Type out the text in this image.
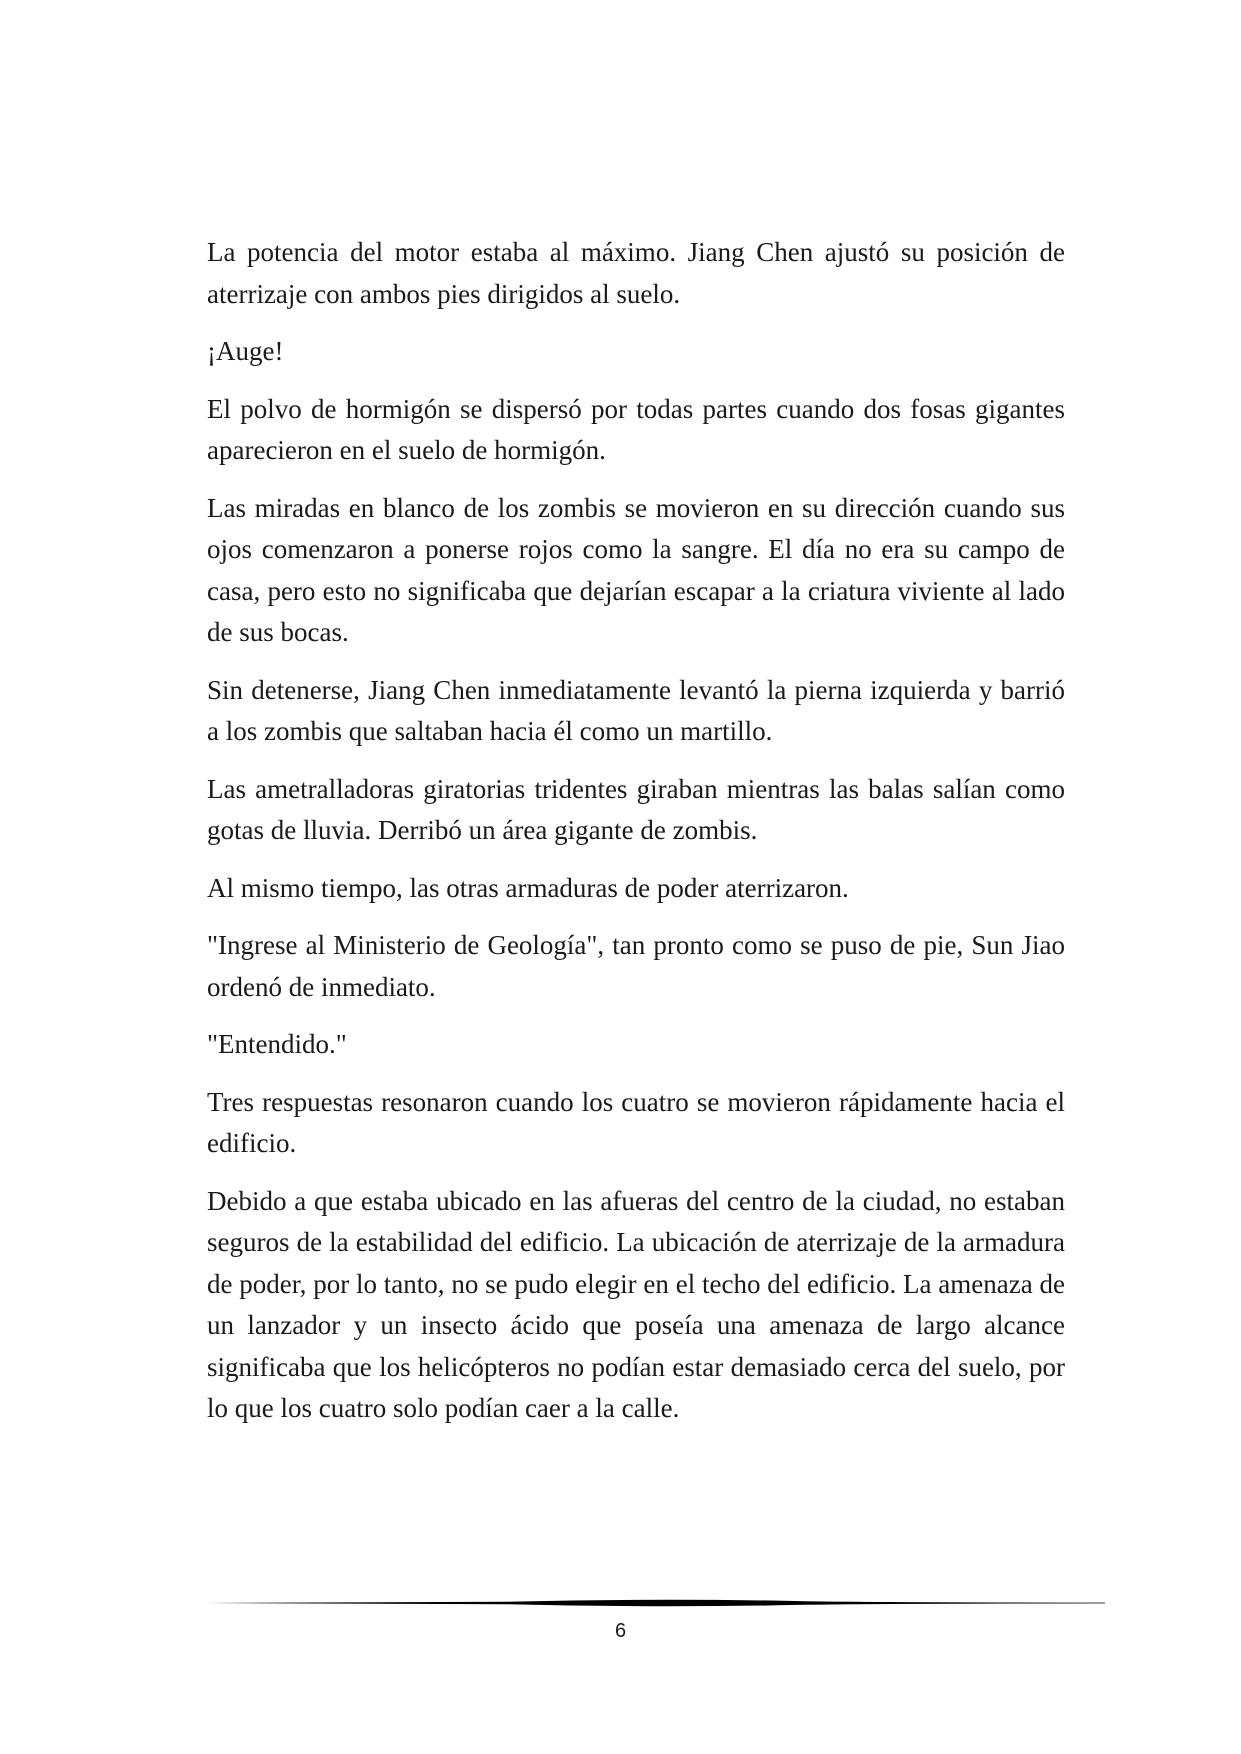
La potencia del motor estaba al máximo. Jiang Chen ajustó su posición de aterrizaje con ambos pies dirigidos al suelo.

¡Auge!

El polvo de hormigón se dispersó por todas partes cuando dos fosas gigantes aparecieron en el suelo de hormigón.

Las miradas en blanco de los zombis se movieron en su dirección cuando sus ojos comenzaron a ponerse rojos como la sangre. El día no era su campo de casa, pero esto no significaba que dejarían escapar a la criatura viviente al lado de sus bocas.

Sin detenerse, Jiang Chen inmediatamente levantó la pierna izquierda y barrió a los zombis que saltaban hacia él como un martillo.

Las ametralladoras giratorias tridentes giraban mientras las balas salían como gotas de lluvia. Derribó un área gigante de zombis.

Al mismo tiempo, las otras armaduras de poder aterrizaron.

"Ingrese al Ministerio de Geología", tan pronto como se puso de pie, Sun Jiao ordenó de inmediato.

"Entendido."

Tres respuestas resonaron cuando los cuatro se movieron rápidamente hacia el edificio.

Debido a que estaba ubicado en las afueras del centro de la ciudad, no estaban seguros de la estabilidad del edificio. La ubicación de aterrizaje de la armadura de poder, por lo tanto, no se pudo elegir en el techo del edificio. La amenaza de un lanzador y un insecto ácido que poseía una amenaza de largo alcance significaba que los helicópteros no podían estar demasiado cerca del suelo, por lo que los cuatro solo podían caer a la calle.

6
